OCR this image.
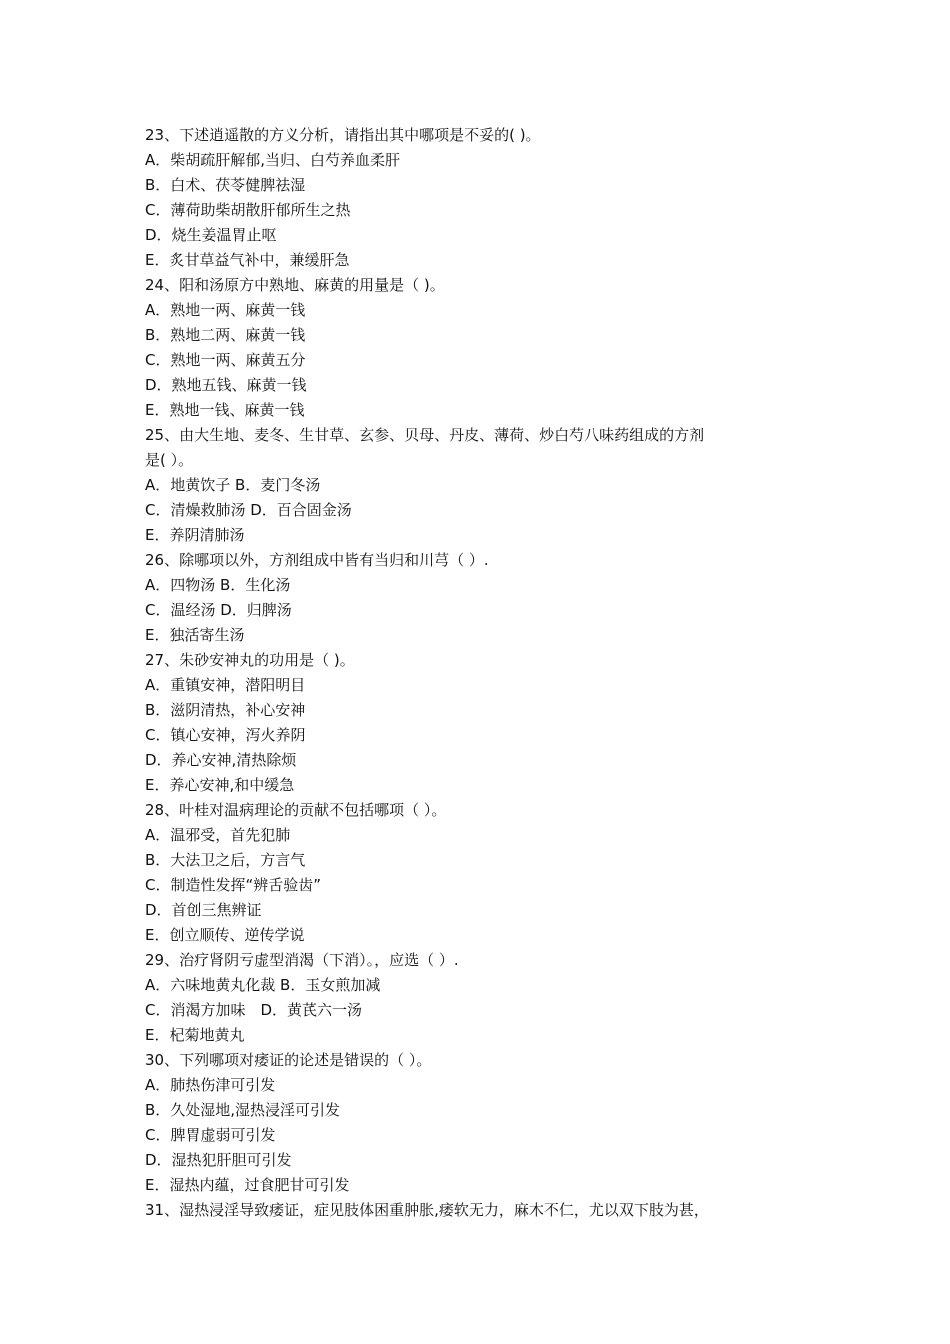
23、下述逍遥散的方义分析，请指出其中哪项是不妥的( )。
A．柴胡疏肝解郁,当归、白芍养血柔肝
B．白术、茯苓健脾祛湿
C．薄荷助柴胡散肝郁所生之热
D．烧生姜温胃止呕
E．炙甘草益气补中，兼缓肝急
24、阳和汤原方中熟地、麻黄的用量是（ )。
A．熟地一两、麻黄一钱
B．熟地二两、麻黄一钱
C．熟地一两、麻黄五分
D．熟地五钱、麻黄一钱
E．熟地一钱、麻黄一钱
25、由大生地、麦冬、生甘草、玄参、贝母、丹皮、薄荷、炒白芍八味药组成的方剂
是( ）。
A．地黄饮子 B．麦门冬汤
C．清燥救肺汤 D．百合固金汤
E．养阴清肺汤
26、除哪项以外，方剂组成中皆有当归和川芎（ ）.
A．四物汤 B．生化汤
C．温经汤 D．归脾汤
E．独活寄生汤
27、朱砂安神丸的功用是（ )。
A．重镇安神，潜阳明目
B．滋阴清热，补心安神
C．镇心安神，泻火养阴
D．养心安神,清热除烦
E．养心安神,和中缓急
28、叶桂对温病理论的贡献不包括哪项（ ）。
A．温邪受，首先犯肺
B．大法卫之后，方言气
C．制造性发挥“辨舌验齿”
D．首创三焦辨证
E．创立顺传、逆传学说
29、治疗肾阴亏虚型消渴（下消）。，应选（ ）.
A．六味地黄丸化裁 B．玉女煎加减
C．消渴方加味　D．黄芪六一汤
E．杞菊地黄丸
30、下列哪项对痿证的论述是错误的（ ）。
A．肺热伤津可引发
B．久处湿地,湿热浸淫可引发
C．脾胃虚弱可引发
D．湿热犯肝胆可引发
E．湿热内蕴，过食肥甘可引发
31、湿热浸淫导致痿证，症见肢体困重肿胀,痿软无力，麻木不仁，尤以双下肢为甚，
